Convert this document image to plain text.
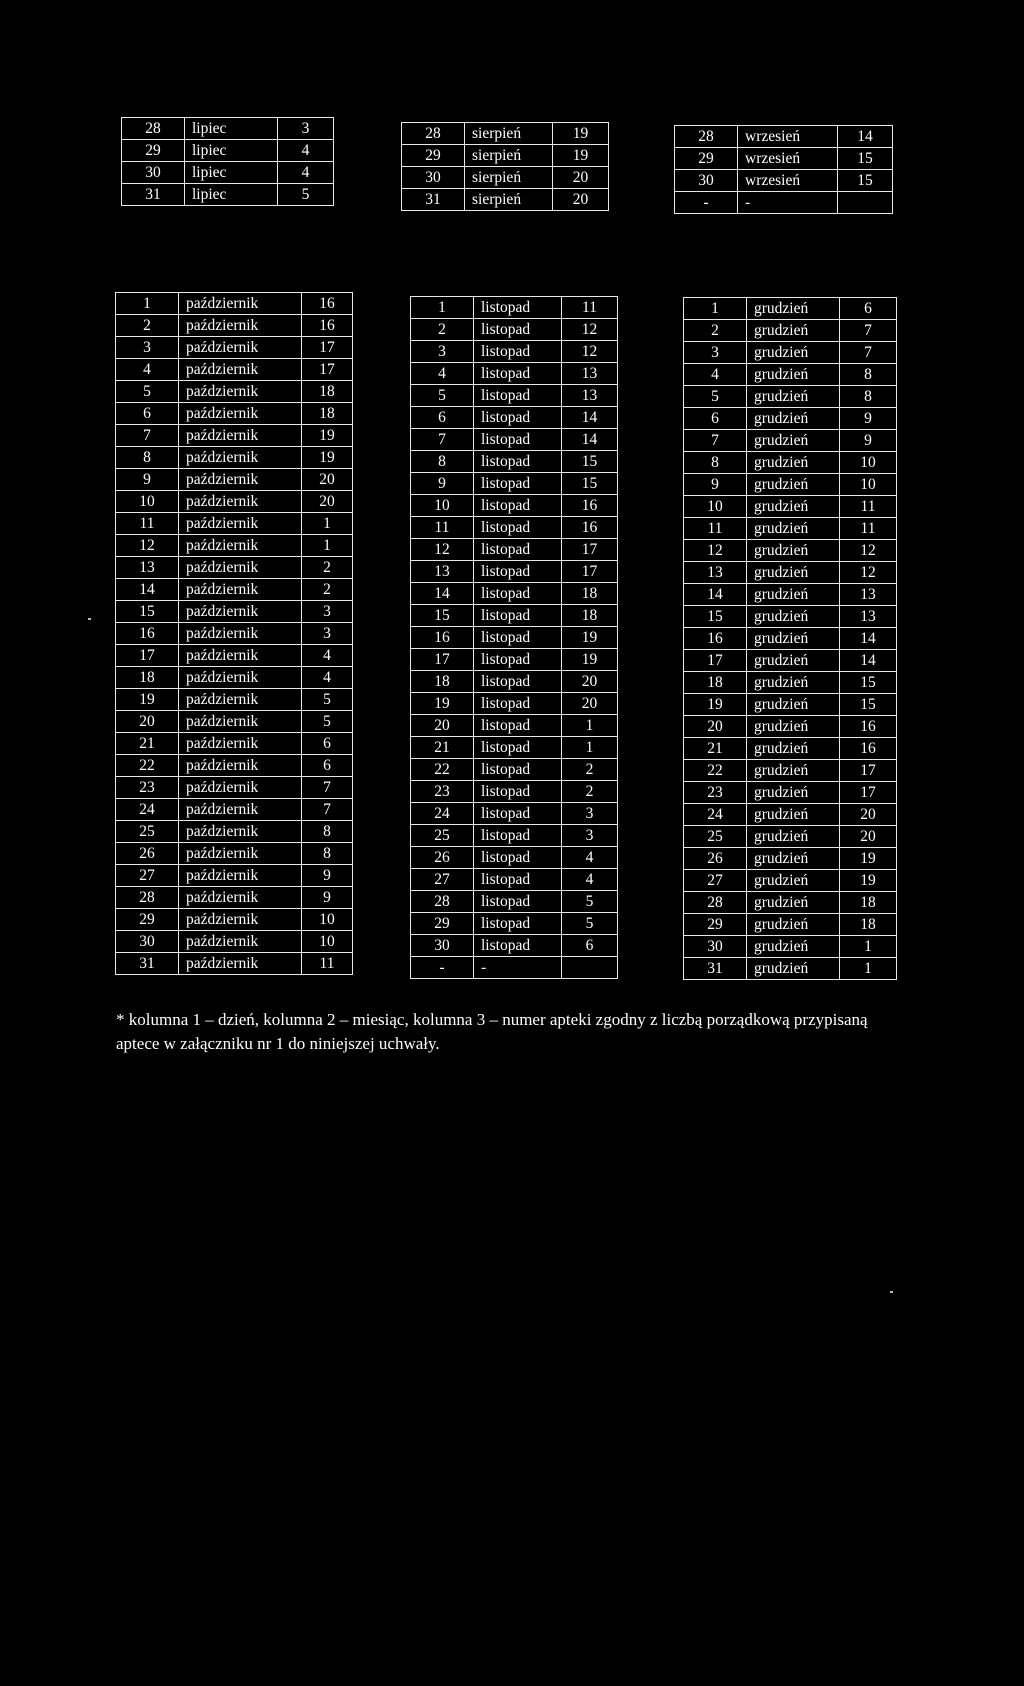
28	lipiec	3
29	lipiec	4
30	lipiec	4
31	lipiec	5
28	sierpień	19
29	sierpień	19
30	sierpień	20
31	sierpień	20
28	wrzesień	14
29	wrzesień	15
30	wrzesień	15
-	-	
1	październik	16
2	październik	16
3	październik	17
4	październik	17
5	październik	18
6	październik	18
7	październik	19
8	październik	19
9	październik	20
10	październik	20
11	październik	1
12	październik	1
13	październik	2
14	październik	2
15	październik	3
16	październik	3
17	październik	4
18	październik	4
19	październik	5
20	październik	5
21	październik	6
22	październik	6
23	październik	7
24	październik	7
25	październik	8
26	październik	8
27	październik	9
28	październik	9
29	październik	10
30	październik	10
31	październik	11
1	listopad	11
2	listopad	12
3	listopad	12
4	listopad	13
5	listopad	13
6	listopad	14
7	listopad	14
8	listopad	15
9	listopad	15
10	listopad	16
11	listopad	16
12	listopad	17
13	listopad	17
14	listopad	18
15	listopad	18
16	listopad	19
17	listopad	19
18	listopad	20
19	listopad	20
20	listopad	1
21	listopad	1
22	listopad	2
23	listopad	2
24	listopad	3
25	listopad	3
26	listopad	4
27	listopad	4
28	listopad	5
29	listopad	5
30	listopad	6
-	-	
1	grudzień	6
2	grudzień	7
3	grudzień	7
4	grudzień	8
5	grudzień	8
6	grudzień	9
7	grudzień	9
8	grudzień	10
9	grudzień	10
10	grudzień	11
11	grudzień	11
12	grudzień	12
13	grudzień	12
14	grudzień	13
15	grudzień	13
16	grudzień	14
17	grudzień	14
18	grudzień	15
19	grudzień	15
20	grudzień	16
21	grudzień	16
22	grudzień	17
23	grudzień	17
24	grudzień	20
25	grudzień	20
26	grudzień	19
27	grudzień	19
28	grudzień	18
29	grudzień	18
30	grudzień	1
31	grudzień	1
* kolumna 1 – dzień, kolumna 2 – miesiąc, kolumna 3 – numer apteki zgodny z liczbą porządkową przypisaną aptece w załączniku nr 1 do niniejszej uchwały.
